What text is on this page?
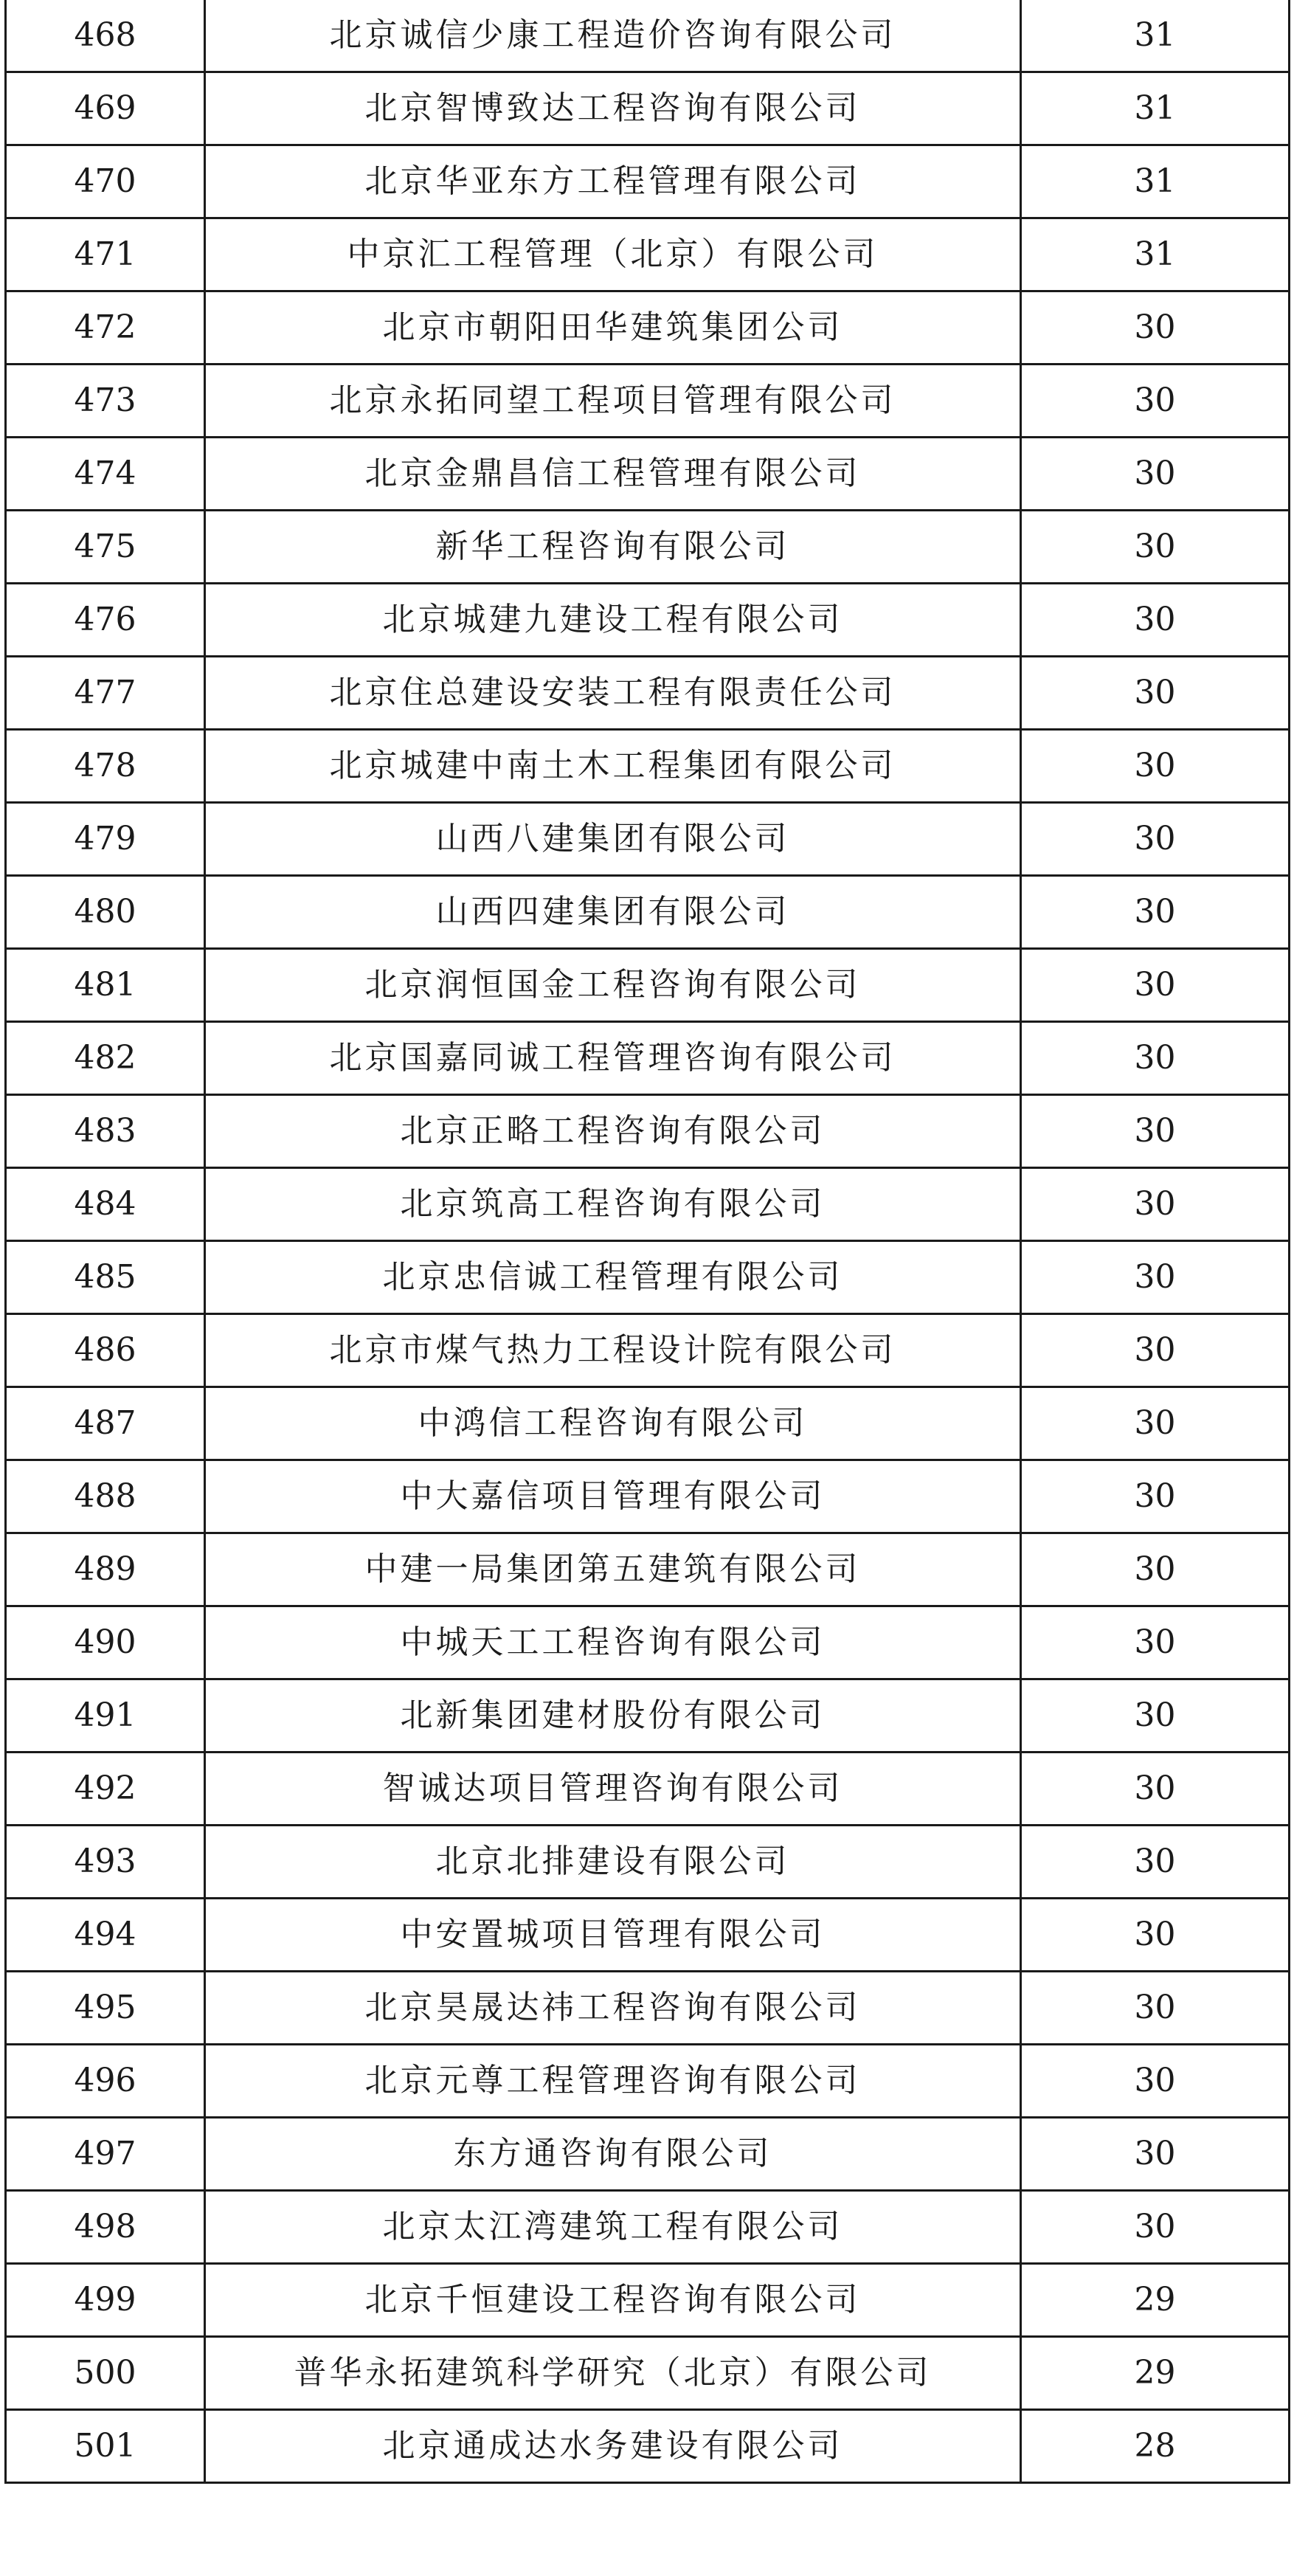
468	北京诚信少康工程造价咨询有限公司	31
469	北京智博致达工程咨询有限公司	31
470	北京华亚东方工程管理有限公司	31
471	中京汇工程管理（北京）有限公司	31
472	北京市朝阳田华建筑集团公司	30
473	北京永拓同望工程项目管理有限公司	30
474	北京金鼎昌信工程管理有限公司	30
475	新华工程咨询有限公司	30
476	北京城建九建设工程有限公司	30
477	北京住总建设安装工程有限责任公司	30
478	北京城建中南土木工程集团有限公司	30
479	山西八建集团有限公司	30
480	山西四建集团有限公司	30
481	北京润恒国金工程咨询有限公司	30
482	北京国嘉同诚工程管理咨询有限公司	30
483	北京正略工程咨询有限公司	30
484	北京筑高工程咨询有限公司	30
485	北京忠信诚工程管理有限公司	30
486	北京市煤气热力工程设计院有限公司	30
487	中鸿信工程咨询有限公司	30
488	中大嘉信项目管理有限公司	30
489	中建一局集团第五建筑有限公司	30
490	中城天工工程咨询有限公司	30
491	北新集团建材股份有限公司	30
492	智诚达项目管理咨询有限公司	30
493	北京北排建设有限公司	30
494	中安置城项目管理有限公司	30
495	北京昊晟达祎工程咨询有限公司	30
496	北京元尊工程管理咨询有限公司	30
497	东方通咨询有限公司	30
498	北京太江湾建筑工程有限公司	30
499	北京千恒建设工程咨询有限公司	29
500	普华永拓建筑科学研究（北京）有限公司	29
501	北京通成达水务建设有限公司	28
